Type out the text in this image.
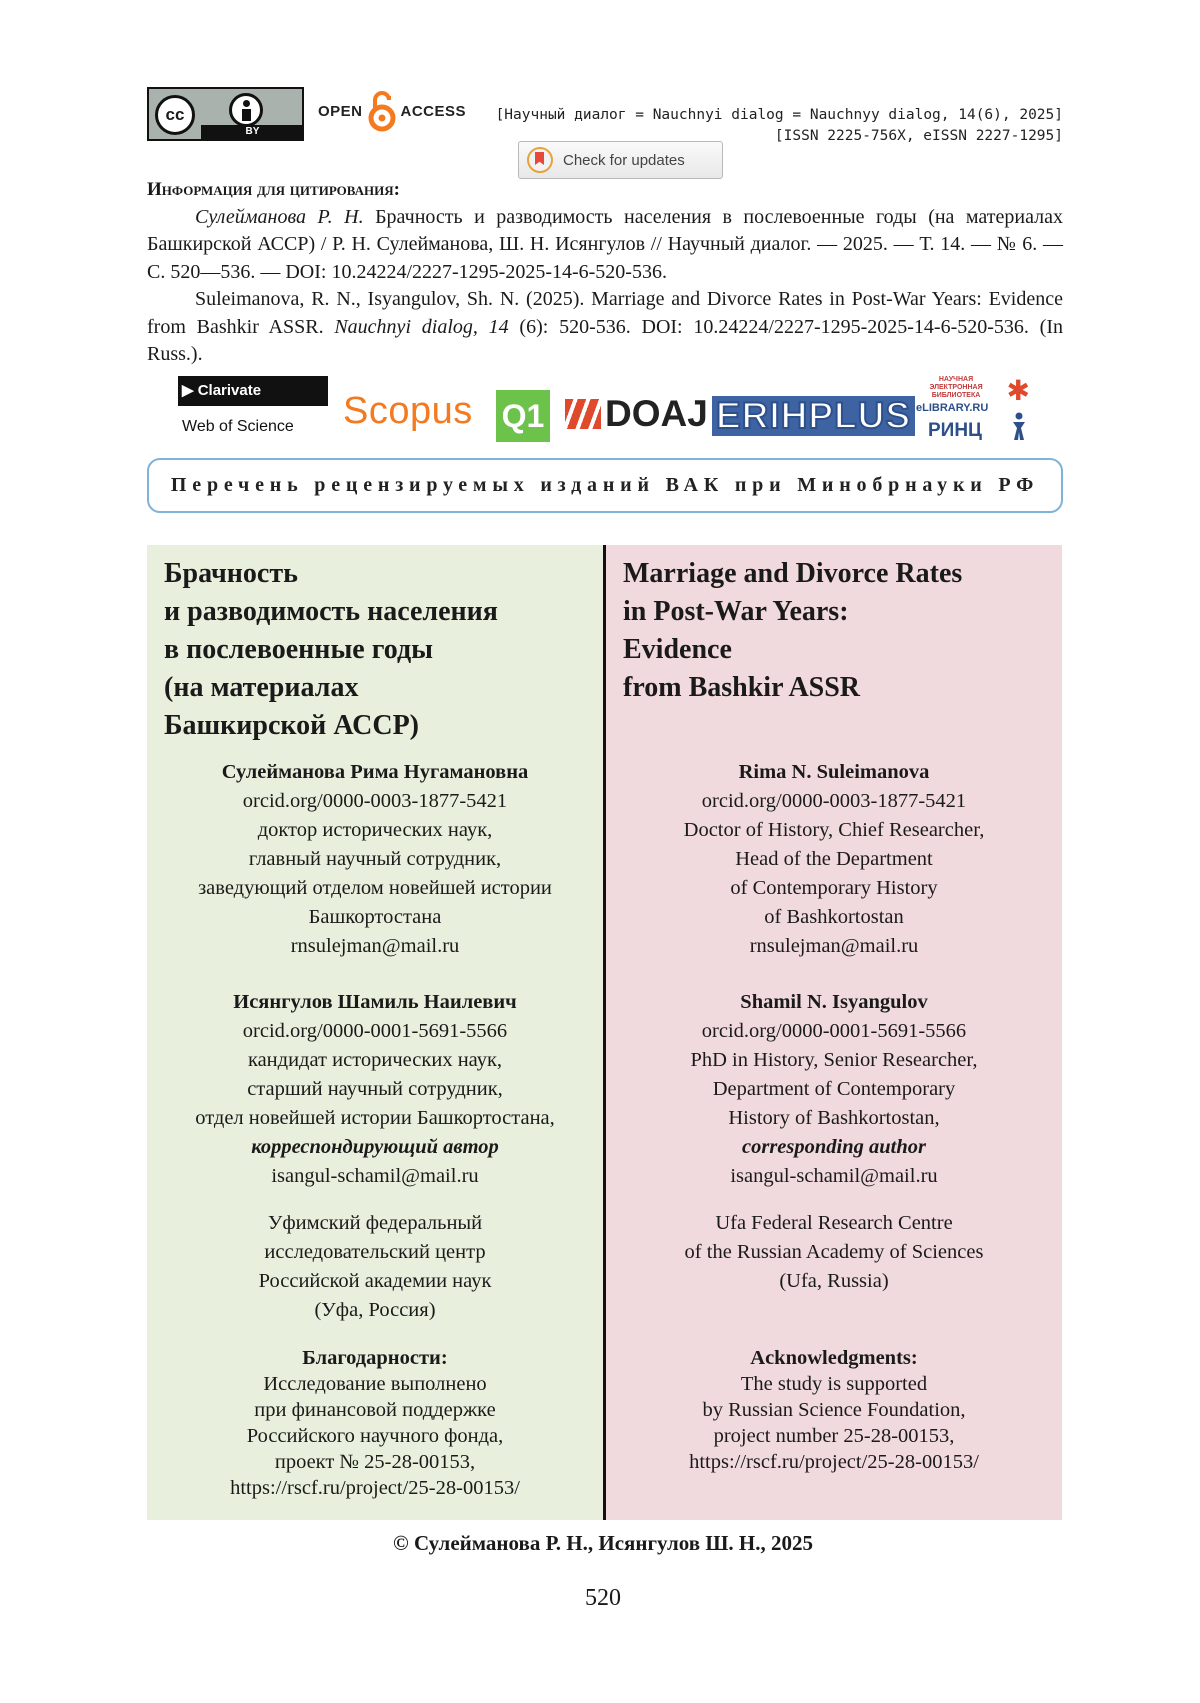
cc
BY
OPEN	ACCESS [Научный диалог = Nauchnyi dialog = Nauchnyy dialog, 14(6), 2025]
[ISSN 2225-756X, eISSN 2227-1295]
Check for updates
Информация для цитирования:

Сулейманова Р. Н. Брачность и разводимость населения в послевоенные годы (на материалах Башкирской АССР) / Р. Н. Сулейманова, Ш. Н. Исянгулов // Научный диалог. — 2025. — Т. 14. — № 6. — С. 520—536. — DOI: 10.24224/2227-1295-2025-14-6-520-536.

Suleimanova, R. N., Isyangulov, Sh. N. (2025). Marriage and Divorce Rates in Post-War Years: Evidence from Bashkir ASSR. Nauchnyi dialog, 14 (6): 520-536. DOI: 10.24224/2227-1295-2025-14-6-520-536. (In Russ.).

▶ Clarivate
Web of Science Scopus Q1 DOAJ ERIHPLUS
НАУЧНАЯ ЭЛЕКТРОННАЯ БИБЛИОТЕКА
eLIBRARY.RU
РИНЦ
✱
Перечень рецензируемых изданий ВАК при Минобрнауки РФ
Брачность
и разводимость населения
в послевоенные годы
(на материалах
Башкирской АССР)
Сулейманова Рима Нугамановна
orcid.org/0000-0003-1877-5421
доктор исторических наук,
главный научный сотрудник,
заведующий отделом новейшей истории
Башкортостана
rnsulejman@mail.ru
Исянгулов Шамиль Наилевич
orcid.org/0000-0001-5691-5566
кандидат исторических наук,
старший научный сотрудник,
отдел новейшей истории Башкортостана,
корреспондирующий автор
isangul-schamil@mail.ru
Уфимский федеральный
исследовательский центр
Российской академии наук
(Уфа, Россия)
Благодарности:
Исследование выполнено
при финансовой поддержке
Российского научного фонда,
проект № 25-28-00153,
https://rscf.ru/project/25-28-00153/
Marriage and Divorce Rates
in Post-War Years:
Evidence
from Bashkir ASSR
Rima N. Suleimanova
orcid.org/0000-0003-1877-5421
Doctor of History, Chief Researcher,
Head of the Department
of Contemporary History
of Bashkortostan
rnsulejman@mail.ru
Shamil N. Isyangulov
orcid.org/0000-0001-5691-5566
PhD in History, Senior Researcher,
Department of Contemporary
History of Bashkortostan,
corresponding author
isangul-schamil@mail.ru
Ufa Federal Research Centre
of the Russian Academy of Sciences
(Ufa, Russia)
Acknowledgments:
The study is supported
by Russian Science Foundation,
project number 25-28-00153,
https://rscf.ru/project/25-28-00153/
© Сулейманова Р. Н., Исянгулов Ш. Н., 2025
520
